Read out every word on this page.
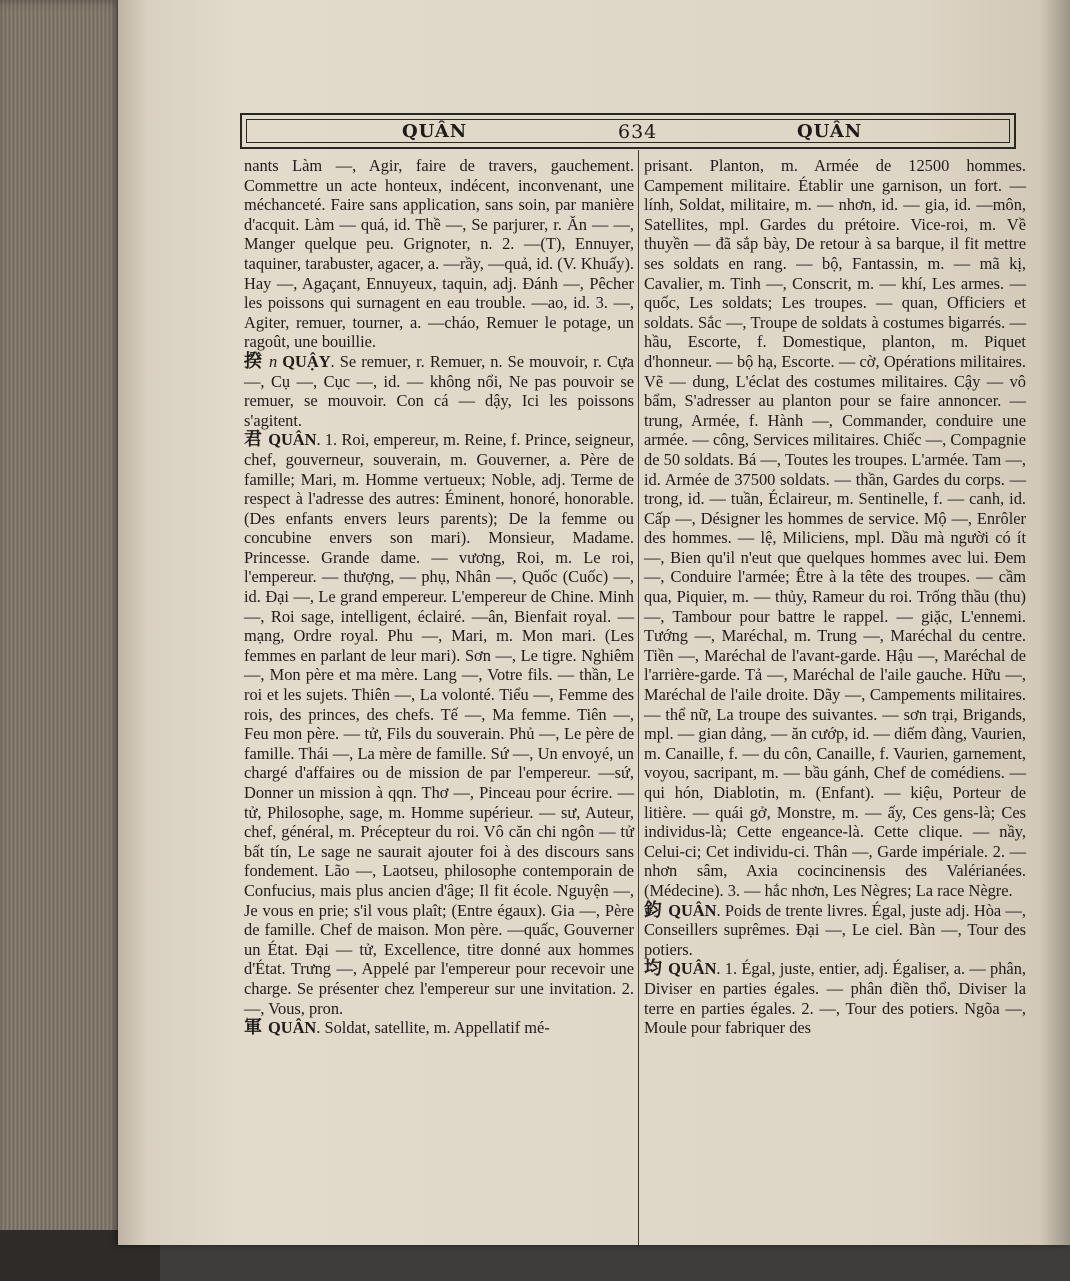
QUÂN	634	QUÂN

nants Làm —, Agir, faire de travers, gauchement. Commettre un acte honteux, indécent, inconvenant, une méchanceté. Faire sans application, sans soin, par manière d'acquit. Làm — quá, id. Thề —, Se parjurer, r. Ăn — —, Manger quelque peu. Grignoter, n. 2. —(T), Ennuyer, taquiner, tarabuster, agacer, a. —rầy, —quả, id. (V. Khuấy). Hay —, Agaçant, Ennuyeux, taquin, adj. Đánh —, Pêcher les poissons qui surnagent en eau trouble. —ao, id. 3. —, Agiter, remuer, tourner, a. —cháo, Remuer le potage, un ragoût, une bouillie.

揆 n QUẬY. Se remuer, r. Remuer, n. Se mouvoir, r. Cựa —, Cụ —, Cục —, id. — không nổi, Ne pas pouvoir se remuer, se mouvoir. Con cá — dậy, Ici les poissons s'agitent.

君 QUÂN. 1. Roi, empereur, m. Reine, f. Prince, seigneur, chef, gouverneur, souverain, m. Gouverner, a. Père de famille; Mari, m. Homme vertueux; Noble, adj. Terme de respect à l'adresse des autres: Éminent, honoré, honorable. (Des enfants envers leurs parents); De la femme ou concubine envers son mari). Monsieur, Madame. Princesse. Grande dame. — vương, Roi, m. Le roi, l'empereur. — thượng, — phụ, Nhân —, Quốc (Cuốc) —, id. Đại —, Le grand empereur. L'empereur de Chine. Minh —, Roi sage, intelligent, éclairé. —ân, Bienfait royal. — mạng, Ordre royal. Phu —, Mari, m. Mon mari. (Les femmes en parlant de leur mari). Sơn —, Le tigre. Nghiêm —, Mon père et ma mère. Lang —, Votre fils. — thần, Le roi et les sujets. Thiên —, La volonté. Tiểu —, Femme des rois, des princes, des chefs. Tế —, Ma femme. Tiên —, Feu mon père. — tử, Fils du souverain. Phủ —, Le père de famille. Thái —, La mère de famille. Sứ —, Un envoyé, un chargé d'affaires ou de mission de par l'empereur. —sứ, Donner un mission à qqn. Thơ —, Pinceau pour écrire. — tử, Philosophe, sage, m. Homme supérieur. — sư, Auteur, chef, général, m. Précepteur du roi. Vô căn chi ngôn — tử bất tín, Le sage ne saurait ajouter foi à des discours sans fondement. Lão —, Laotseu, philosophe contemporain de Confucius, mais plus ancien d'âge; Il fit école. Nguyện —, Je vous en prie; s'il vous plaît; (Entre égaux). Gia —, Père de famille. Chef de maison. Mon père. —quấc, Gouverner un État. Đại — tử, Excellence, titre donné aux hommes d'État. Trưng —, Appelé par l'empereur pour recevoir une charge. Se présenter chez l'empereur sur une invitation. 2. —, Vous, pron.

軍 QUÂN. Soldat, satellite, m. Appellatif mé-

prisant. Planton, m. Armée de 12500 hommes. Campement militaire. Établir une garnison, un fort. — lính, Soldat, militaire, m. — nhơn, id. — gia, id. —môn, Satellites, mpl. Gardes du prétoire. Vice-roi, m. Về thuyền — đã sắp bày, De retour à sa barque, il fit mettre ses soldats en rang. — bộ, Fantassin, m. — mã kị, Cavalier, m. Tinh —, Conscrit, m. — khí, Les armes. — quốc, Les soldats; Les troupes. — quan, Officiers et soldats. Sắc —, Troupe de soldats à costumes bigarrés. — hầu, Escorte, f. Domestique, planton, m. Piquet d'honneur. — bộ hạ, Escorte. — cờ, Opérations militaires. Vẽ — dung, L'éclat des costumes militaires. Cậy — vô bẩm, S'adresser au planton pour se faire annoncer. — trung, Armée, f. Hành —, Commander, conduire une armée. — công, Services militaires. Chiếc —, Compagnie de 50 soldats. Bá —, Toutes les troupes. L'armée. Tam —, id. Armée de 37500 soldats. — thần, Gardes du corps. — trong, id. — tuần, Éclaireur, m. Sentinelle, f. — canh, id. Cấp —, Désigner les hommes de service. Mộ —, Enrôler des hommes. — lệ, Miliciens, mpl. Dầu mà người có ít —, Bien qu'il n'eut que quelques hommes avec lui. Đem —, Conduire l'armée; Être à la tête des troupes. — cầm qua, Piquier, m. — thủy, Rameur du roi. Trống thầu (thu) —, Tambour pour battre le rappel. — giặc, L'ennemi. Tướng —, Maréchal, m. Trung —, Maréchal du centre. Tiền —, Maréchal de l'avant-garde. Hậu —, Maréchal de l'arrière-garde. Tả —, Maréchal de l'aile gauche. Hữu —, Maréchal de l'aile droite. Dãy —, Campements militaires. — thể nữ, La troupe des suivantes. — sơn trại, Brigands, mpl. — gian dảng, — ăn cướp, id. — diếm đàng, Vaurien, m. Canaille, f. — du côn, Canaille, f. Vaurien, garnement, voyou, sacripant, m. — bầu gánh, Chef de comédiens. — qui hón, Diablotin, m. (Enfant). — kiệu, Porteur de litière. — quái gở, Monstre, m. — ấy, Ces gens-là; Ces individus-là; Cette engeance-là. Cette clique. — nầy, Celui-ci; Cet individu-ci. Thân —, Garde impériale. 2. — nhơn sâm, Axia cocincinensis des Valérianées. (Médecine). 3. — hắc nhơn, Les Nègres; La race Nègre.

鈞 QUÂN. Poids de trente livres. Égal, juste adj. Hòa —, Conseillers suprêmes. Đại —, Le ciel. Bàn —, Tour des potiers.

均 QUÂN. 1. Égal, juste, entier, adj. Égaliser, a. — phân, Diviser en parties égales. — phân điền thổ, Diviser la terre en parties égales. 2. —, Tour des potiers. Ngõa —, Moule pour fabriquer des
